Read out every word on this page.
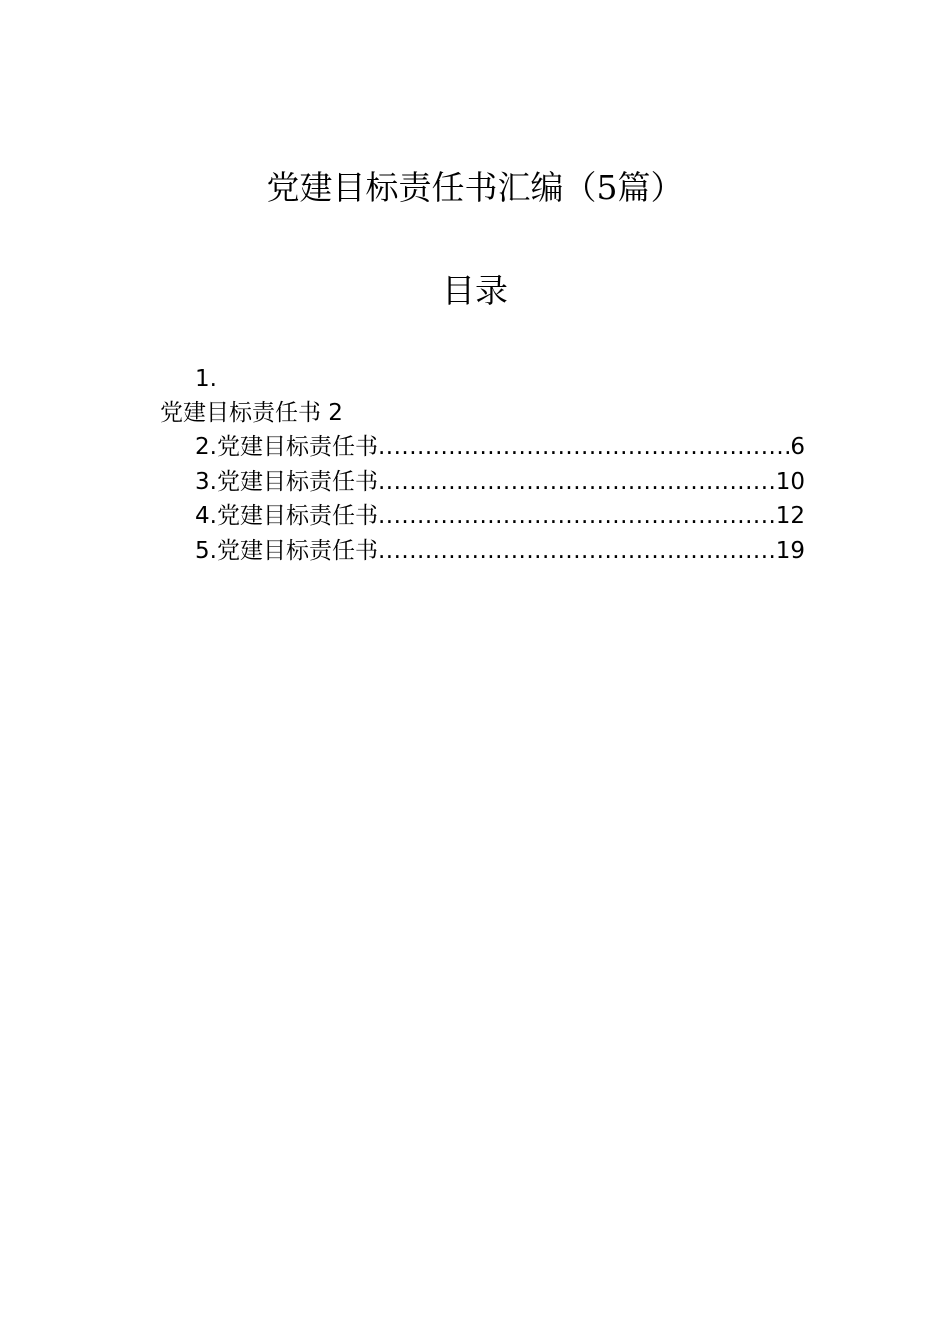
党建目标责任书汇编（5篇）
目录
1.
党建目标责任书 2
2.党建目标责任书 .....	6
3.党建目标责任书 .....	10
4.党建目标责任书 .....	12
5.党建目标责任书 .....	19
